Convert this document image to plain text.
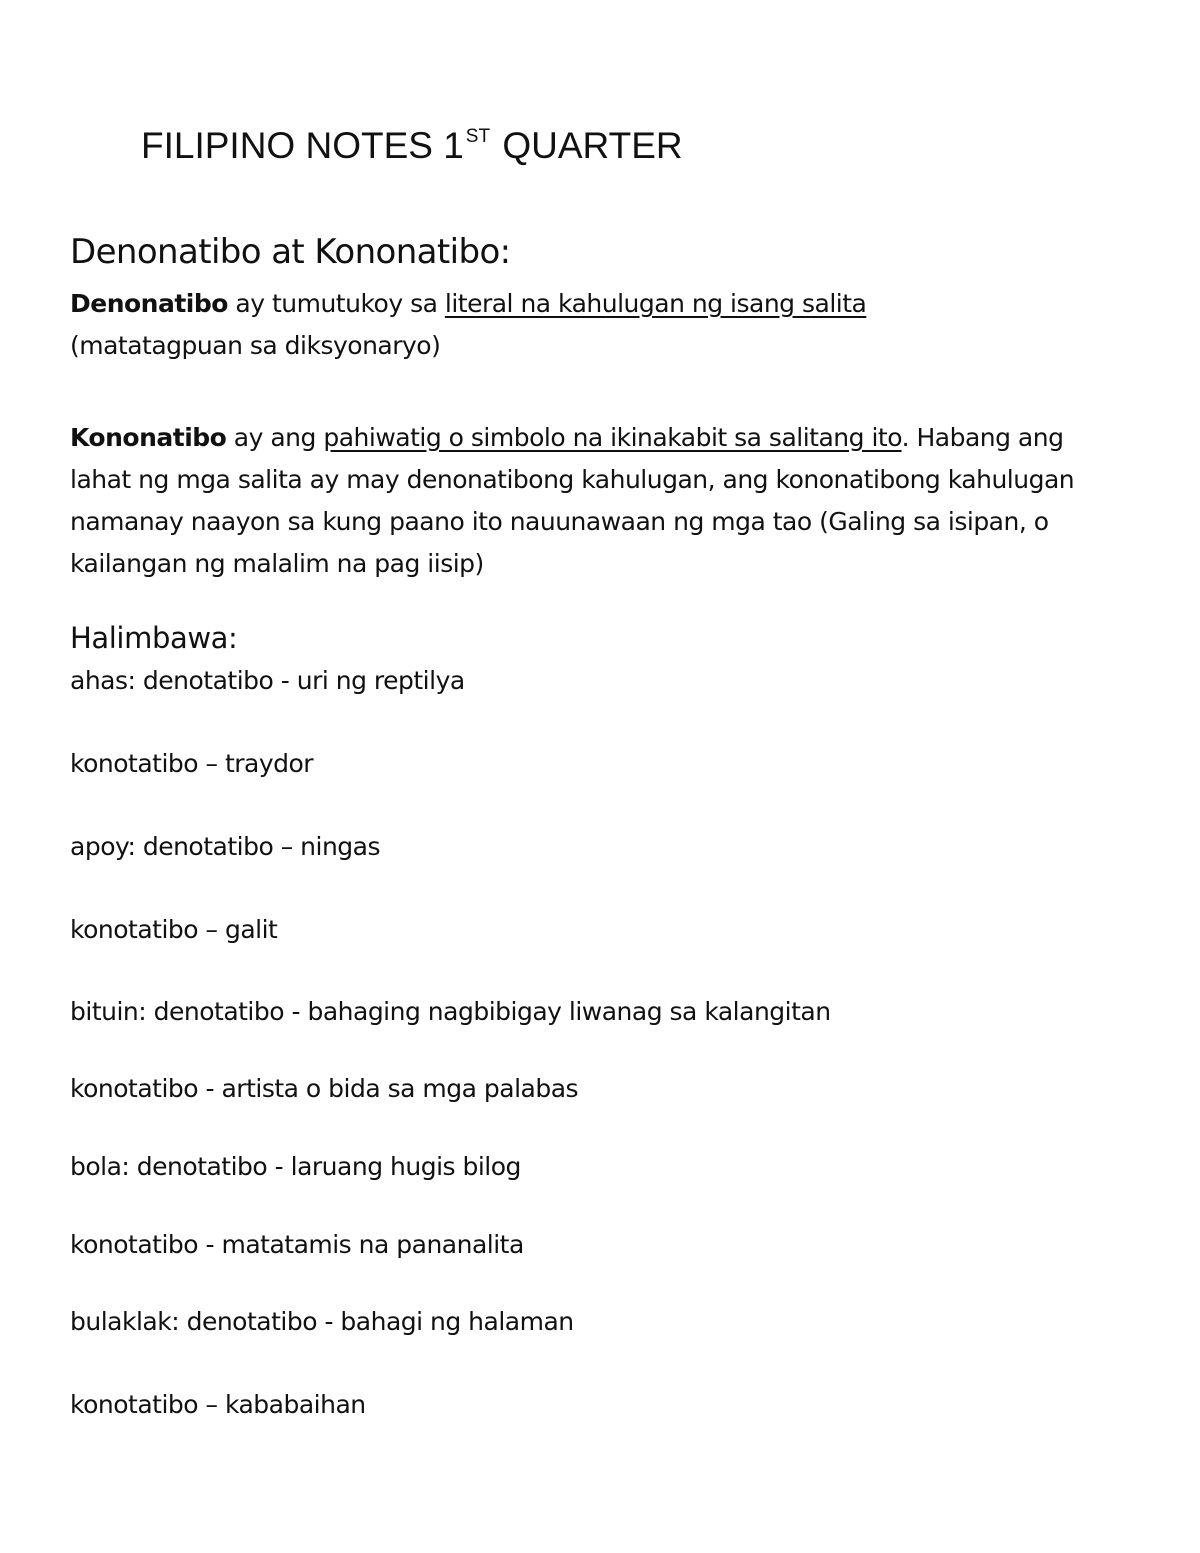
FILIPINO NOTES 1 $^{ST}$ QUARTER
Denonatibo at Kononatibo:

Denonatibo ay tumutukoy sa literal na kahulugan ng isang salita
(matatagpuan sa diksyonaryo)

Kononatibo ay ang pahiwatig o simbolo na ikinakabit sa salitang ito. Habang ang lahat ng mga salita ay may denonatibong kahulugan, ang kononatibong kahulugan namanay naayon sa kung paano ito nauunawaan ng mga tao (Galing sa isipan, o kailangan ng malalim na pag iisip)

Halimbawa:

ahas: denotatibo - uri ng reptilya

konotatibo – traydor

apoy: denotatibo – ningas

konotatibo – galit

bituin: denotatibo - bahaging nagbibigay liwanag sa kalangitan

konotatibo - artista o bida sa mga palabas

bola: denotatibo - laruang hugis bilog

konotatibo - matatamis na pananalita

bulaklak: denotatibo - bahagi ng halaman

konotatibo – kababaihan
